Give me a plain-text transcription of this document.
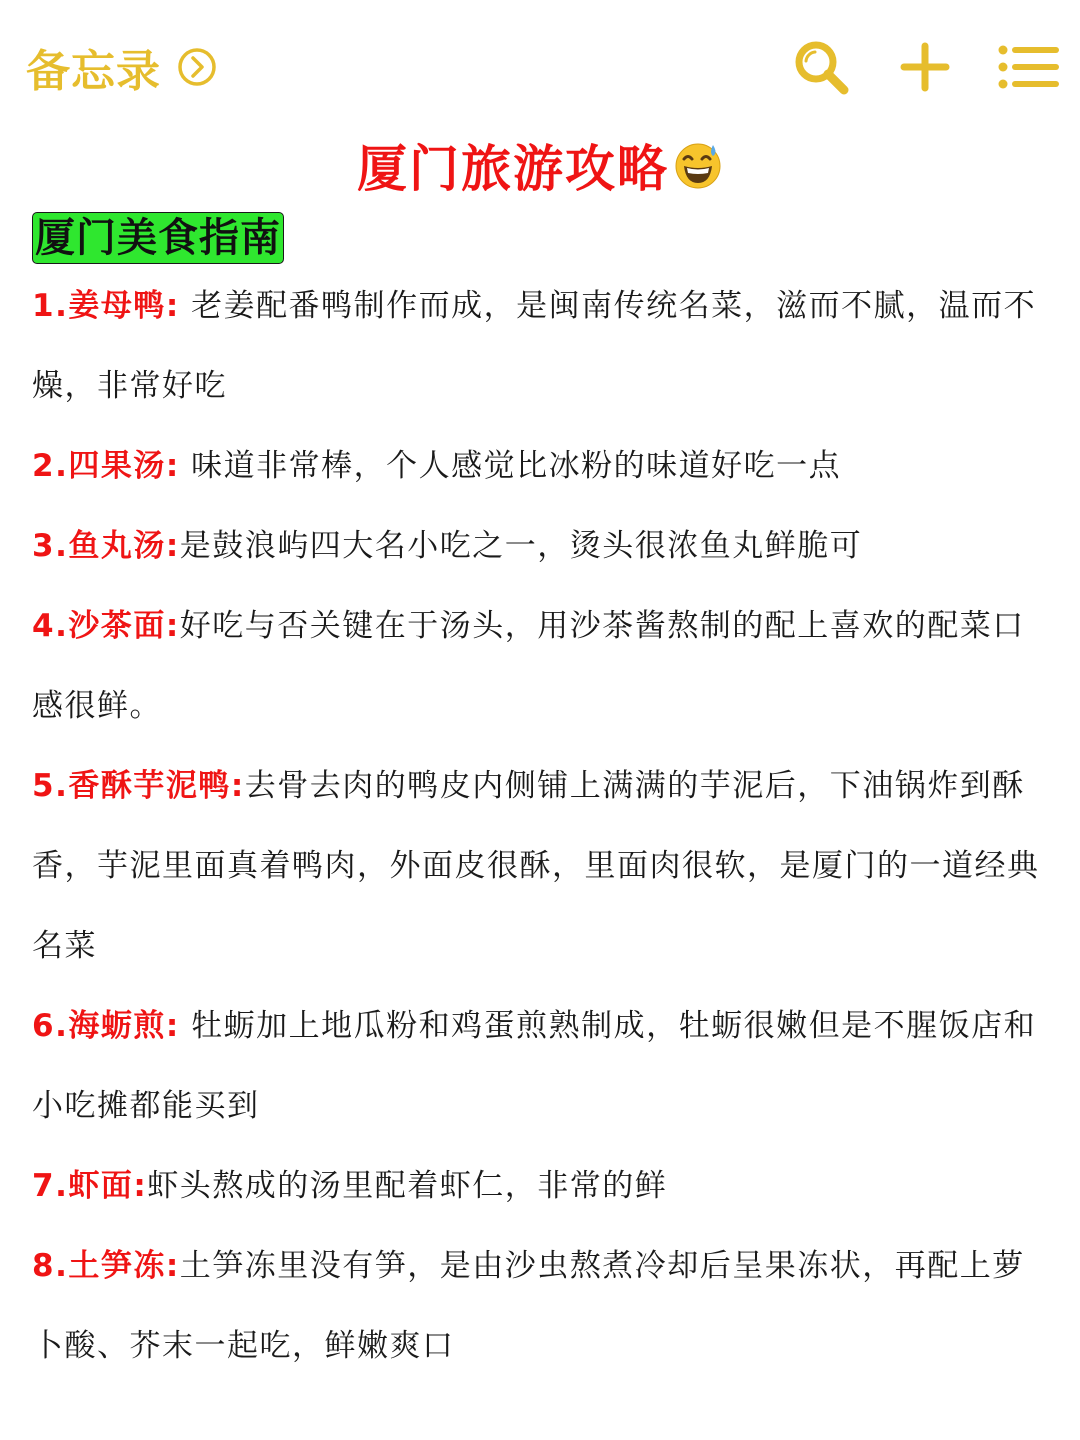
备忘录
厦门旅游攻略
厦门美食指南
1.姜母鸭: 老姜配番鸭制作而成，是闽南传统名菜，滋而不腻，温而不燥，非常好吃
2.四果汤: 味道非常棒，个人感觉比冰粉的味道好吃一点
3.鱼丸汤:是鼓浪屿四大名小吃之一，烫头很浓鱼丸鲜脆可
4.沙茶面:好吃与否关键在于汤头，用沙茶酱熬制的配上喜欢的配菜口感很鲜。
5.香酥芋泥鸭:去骨去肉的鸭皮内侧铺上满满的芋泥后，下油锅炸到酥香，芋泥里面真着鸭肉，外面皮很酥，里面肉很软，是厦门的一道经典名菜
6.海蛎煎: 牡蛎加上地瓜粉和鸡蛋煎熟制成，牡蛎很嫩但是不腥饭店和小吃摊都能买到
7.虾面:虾头熬成的汤里配着虾仁，非常的鲜
8.土笋冻:土笋冻里没有笋，是由沙虫熬煮冷却后呈果冻状，再配上萝卜酸、芥末一起吃，鲜嫩爽口
